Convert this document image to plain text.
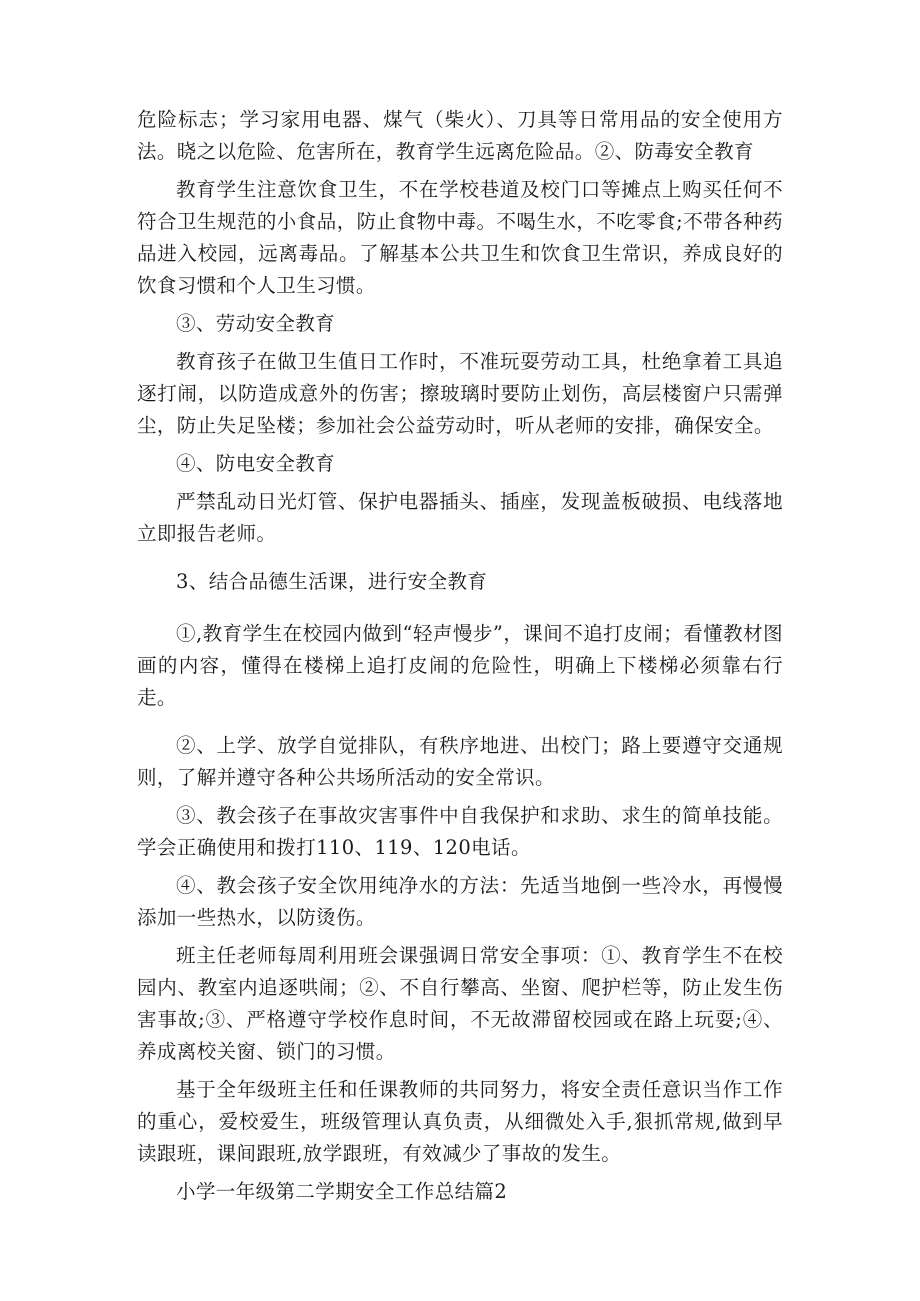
危险标志；学习家用电器、煤气（柴火）、刀具等日常用品的安全使用方法。晓之以危险、危害所在，教育学生远离危险品。②、防毒安全教育

教育学生注意饮食卫生，不在学校巷道及校门口等摊点上购买任何不符合卫生规范的小食品，防止食物中毒。不喝生水，不吃零食;不带各种药品进入校园，远离毒品。了解基本公共卫生和饮食卫生常识，养成良好的饮食习惯和个人卫生习惯。

③、劳动安全教育

教育孩子在做卫生值日工作时，不准玩耍劳动工具，杜绝拿着工具追逐打闹，以防造成意外的伤害；擦玻璃时要防止划伤，高层楼窗户只需弹尘，防止失足坠楼；参加社会公益劳动时，听从老师的安排，确保安全。

④、防电安全教育

严禁乱动日光灯管、保护电器插头、插座，发现盖板破损、电线落地立即报告老师。

3、结合品德生活课，进行安全教育

①,教育学生在校园内做到“轻声慢步”，课间不追打皮闹；看懂教材图画的内容，懂得在楼梯上追打皮闹的危险性，明确上下楼梯必须靠右行走。

②、上学、放学自觉排队，有秩序地进、出校门；路上要遵守交通规则，了解并遵守各种公共场所活动的安全常识。

③、教会孩子在事故灾害事件中自我保护和求助、求生的简单技能。学会正确使用和拨打110、119、120电话。

④、教会孩子安全饮用纯净水的方法：先适当地倒一些冷水，再慢慢添加一些热水，以防烫伤。

班主任老师每周利用班会课强调日常安全事项：①、教育学生不在校园内、教室内追逐哄闹；②、不自行攀高、坐窗、爬护栏等，防止发生伤害事故;③、严格遵守学校作息时间，不无故滞留校园或在路上玩耍;④、养成离校关窗、锁门的习惯。

基于全年级班主任和任课教师的共同努力，将安全责任意识当作工作的重心，爱校爱生，班级管理认真负责，从细微处入手,狠抓常规,做到早读跟班，课间跟班,放学跟班，有效减少了事故的发生。

小学一年级第二学期安全工作总结篇2
